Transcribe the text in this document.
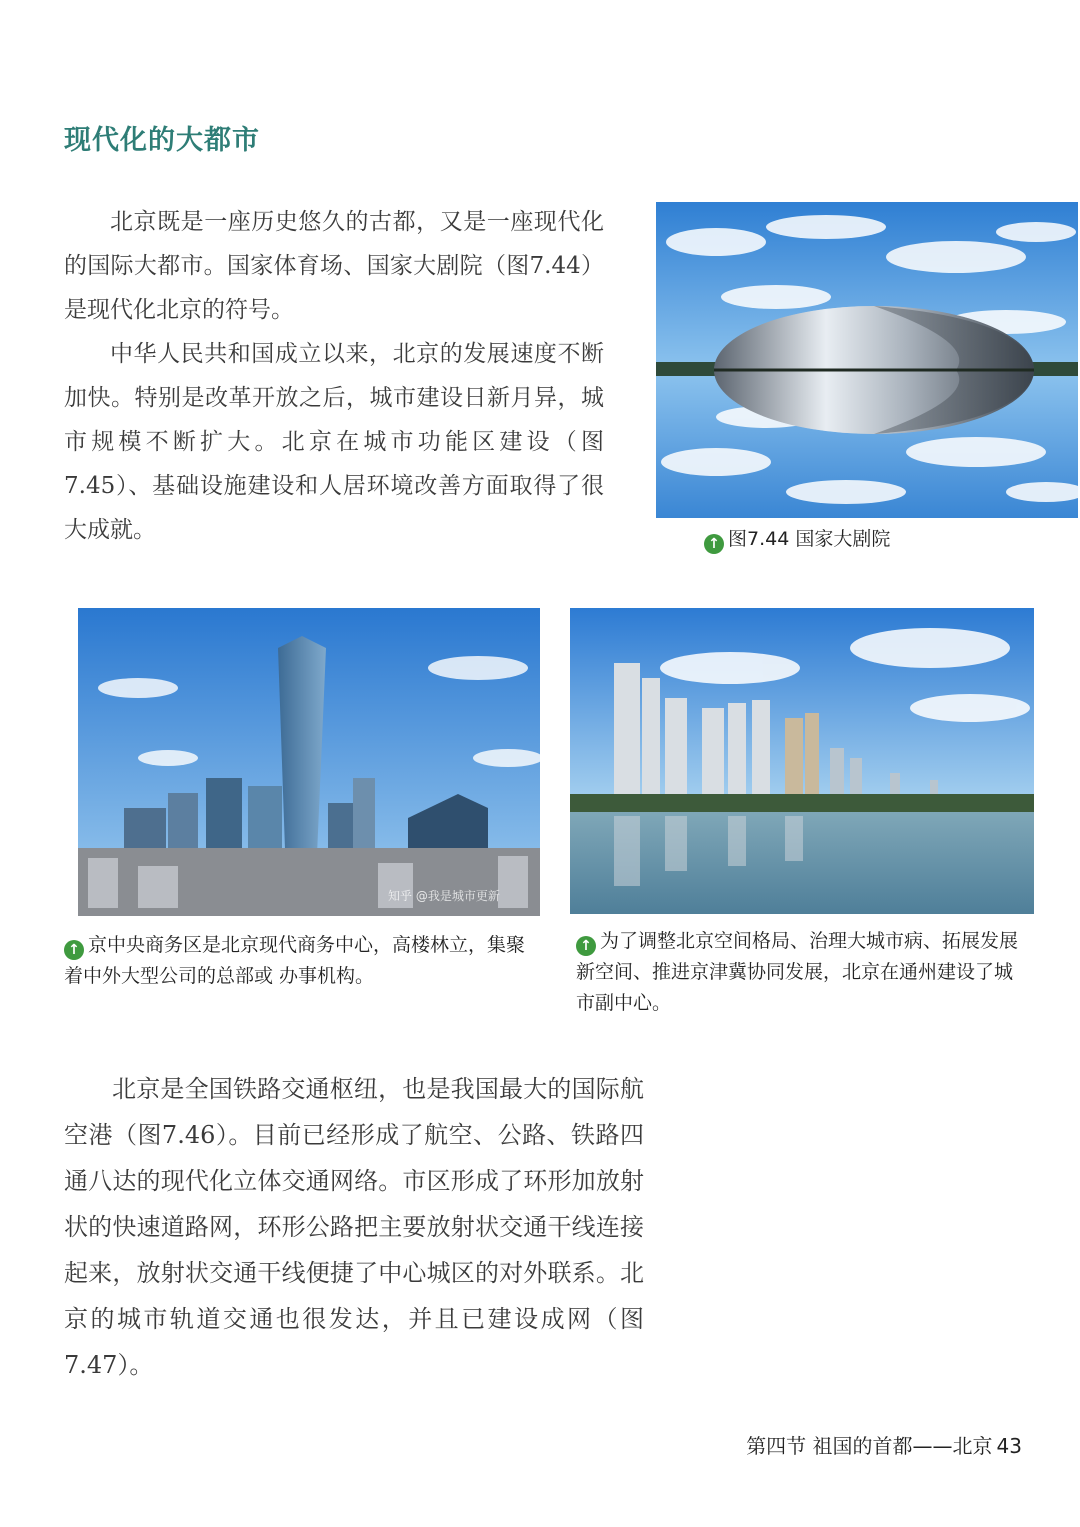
现代化的大都市

北京既是一座历史悠久的古都，又是一座现代化的国际大都市。国家体育场、国家大剧院（图7.44）是现代化北京的符号。

中华人民共和国成立以来，北京的发展速度不断加快。特别是改革开放之后，城市建设日新月异，城市规模不断扩大。北京在城市功能区建设（图7.45）、基础设施建设和人居环境改善方面取得了很大成就。

↑ 图7.44 国家大剧院
知乎 @我是城市更新
↑ 京中央商务区是北京现代商务中心，高楼林立，集聚着中外大型公司的总部或 办事机构。
↑ 为了调整北京空间格局、治理大城市病、拓展发展新空间、推进京津冀协同发展，北京在通州建设了城市副中心。

北京是全国铁路交通枢纽，也是我国最大的国际航空港（图7.46）。目前已经形成了航空、公路、铁路四通八达的现代化立体交通网络。市区形成了环形加放射状的快速道路网，环形公路把主要放射状交通干线连接起来，放射状交通干线便捷了中心城区的对外联系。北京的城市轨道交通也很发达，并且已建设成网（图7.47）。

第四节 祖国的首都——北京 43
